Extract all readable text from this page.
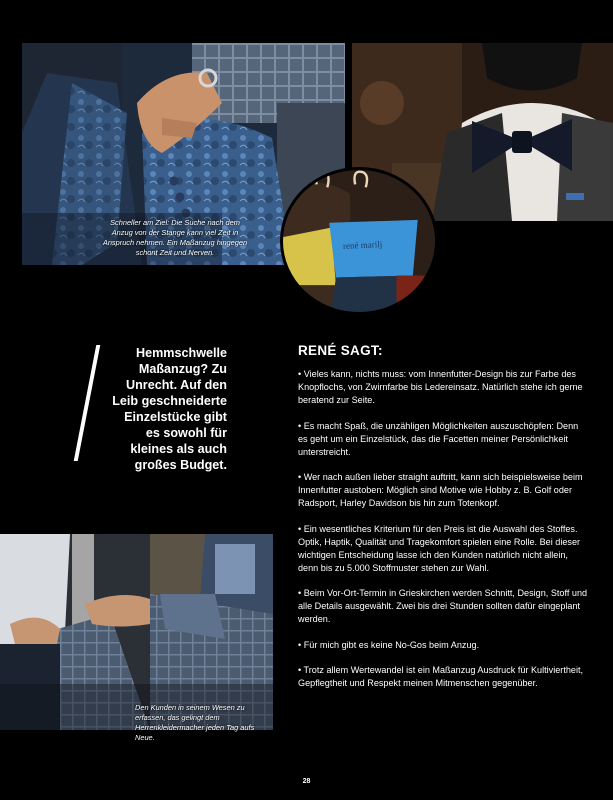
rené marilj
Schneller am Ziel: Die Suche nach dem Anzug von der Stange kann viel Zeit in Anspruch nehmen. Ein Maßanzug hingegen schont Zeit und Nerven.
Hemmschwelle
Maßanzug? Zu
Unrecht. Auf den
Leib geschneiderte
Einzelstücke gibt
es sowohl für
kleines als auch
großes Budget.
RENÉ SAGT:

• Vieles kann, nichts muss: vom Innenfutter-Design bis zur Farbe des Knopflochs, von Zwirnfarbe bis Ledereinsatz. Natürlich stehe ich gerne beratend zur Seite.

• Es macht Spaß, die unzähligen Möglichkeiten auszuschöpfen: Denn es geht um ein Einzelstück, das die Facetten meiner Persönlichkeit unterstreicht.

• Wer nach außen lieber straight auftritt, kann sich beispielsweise beim Innenfutter austoben: Möglich sind Motive wie Hobby z. B. Golf oder Radsport, Harley Davidson bis hin zum Totenkopf.

• Ein wesentliches Kriterium für den Preis ist die Auswahl des Stoffes. Optik, Haptik, Qualität und Tragekomfort spielen eine Rolle. Bei dieser wichtigen Entscheidung lasse ich den Kunden natürlich nicht allein, denn bis zu 5.000 Stoffmuster stehen zur Wahl.

• Beim Vor-Ort-Termin in Grieskirchen werden Schnitt, Design, Stoff und alle Details ausgewählt. Zwei bis drei Stunden sollten dafür eingeplant werden.

• Für mich gibt es keine No-Gos beim Anzug.

• Trotz allem Wertewandel ist ein Maßanzug Ausdruck für Kultiviertheit, Gepflegtheit und Respekt meinen Mitmenschen gegenüber.

Den Kunden in seinem Wesen zu erfassen, das gelingt dem Herrenkleidermacher jeden Tag aufs Neue.
28
